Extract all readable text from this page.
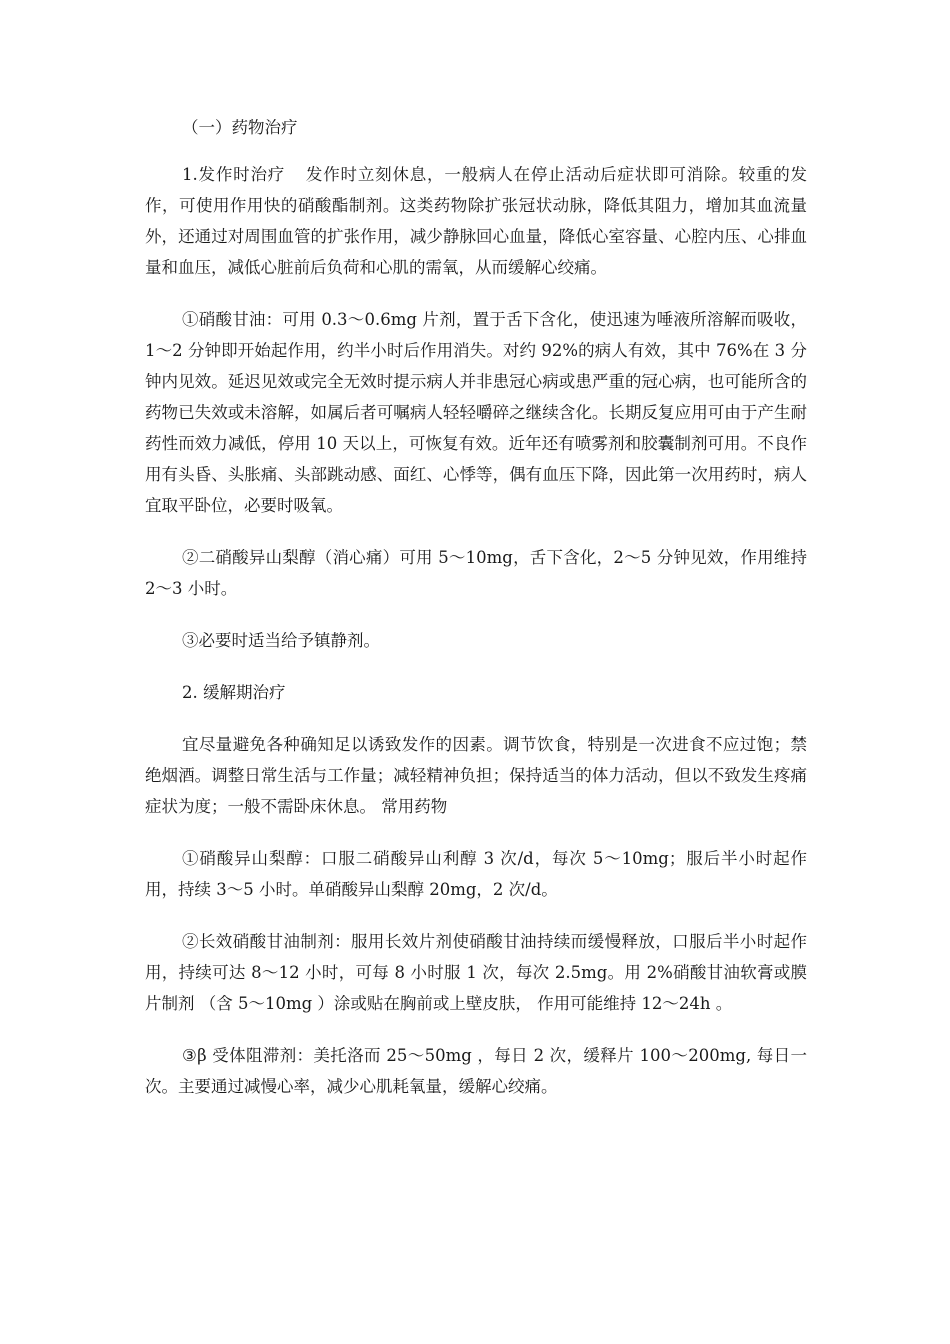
（一）药物治疗

1.发作时治疗 发作时立刻休息，一般病人在停止活动后症状即可消除。较重的发作，可使用作用快的硝酸酯制剂。这类药物除扩张冠状动脉，降低其阻力，增加其血流量外，还通过对周围血管的扩张作用，减少静脉回心血量，降低心室容量、心腔内压、心排血量和血压，减低心脏前后负荷和心肌的需氧，从而缓解心绞痛。

①硝酸甘油：可用 0.3～0.6mg 片剂，置于舌下含化，使迅速为唾液所溶解而吸收，1～2 分钟即开始起作用，约半小时后作用消失。对约 92%的病人有效，其中 76%在 3 分钟内见效。延迟见效或完全无效时提示病人并非患冠心病或患严重的冠心病，也可能所含的药物已失效或未溶解，如属后者可嘱病人轻轻嚼碎之继续含化。长期反复应用可由于产生耐药性而效力减低，停用 10 天以上，可恢复有效。近年还有喷雾剂和胶囊制剂可用。不良作用有头昏、头胀痛、头部跳动感、面红、心悸等，偶有血压下降，因此第一次用药时，病人宜取平卧位，必要时吸氧。

②二硝酸异山梨醇（消心痛）可用 5～10mg，舌下含化，2～5 分钟见效，作用维持 2～3 小时。

③必要时适当给予镇静剂。

2. 缓解期治疗

宜尽量避免各种确知足以诱致发作的因素。调节饮食，特别是一次进食不应过饱；禁绝烟酒。调整日常生活与工作量；减轻精神负担；保持适当的体力活动，但以不致发生疼痛症状为度；一般不需卧床休息。 常用药物

①硝酸异山梨醇：口服二硝酸异山利醇 3 次/d，每次 5～10mg；服后半小时起作用，持续 3～5 小时。单硝酸异山梨醇 20mg，2 次/d。

②长效硝酸甘油制剂：服用长效片剂使硝酸甘油持续而缓慢释放，口服后半小时起作用，持续可达 8～12 小时，可每 8 小时服 1 次，每次 2.5mg。用 2%硝酸甘油软膏或膜片制剂 （含 5～10mg ）涂或贴在胸前或上壁皮肤， 作用可能维持 12～24h 。

③β 受体阻滞剂：美托洛而 25～50mg ，每日 2 次，缓释片 100～200mg, 每日一次。主要通过减慢心率，减少心肌耗氧量，缓解心绞痛。
